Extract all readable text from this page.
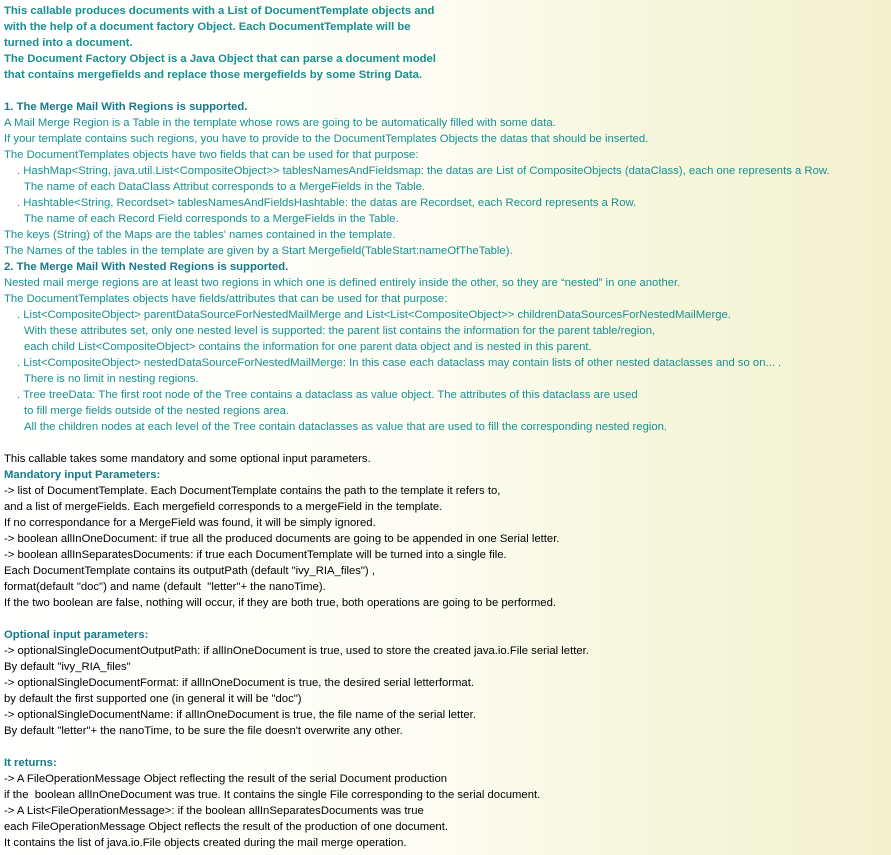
This callable produces documents with a List of DocumentTemplate objects and
with the help of a document factory Object. Each DocumentTemplate will be
turned into a document.
The Document Factory Object is a Java Object that can parse a document model
that contains mergefields and replace those mergefields by some String Data.
1. The Merge Mail With Regions is supported.
A Mail Merge Region is a Table in the template whose rows are going to be automatically filled with some data.
If your template contains such regions, you have to provide to the DocumentTemplates Objects the datas that should be inserted.
The DocumentTemplates objects have two fields that can be used for that purpose:
. HashMap<String, java.util.List<CompositeObject>> tablesNamesAndFieldsmap: the datas are List of CompositeObjects (dataClass), each one represents a Row.
The name of each DataClass Attribut corresponds to a MergeFields in the Table.
. Hashtable<String, Recordset> tablesNamesAndFieldsHashtable: the datas are Recordset, each Record represents a Row.
The name of each Record Field corresponds to a MergeFields in the Table.
The keys (String) of the Maps are the tables' names contained in the template.
The Names of the tables in the template are given by a Start Mergefield(TableStart:nameOfTheTable).
2. The Merge Mail With Nested Regions is supported.
Nested mail merge regions are at least two regions in which one is defined entirely inside the other, so they are “nested” in one another.
The DocumentTemplates objects have fields/attributes that can be used for that purpose:
. List<CompositeObject> parentDataSourceForNestedMailMerge and List<List<CompositeObject>> childrenDataSourcesForNestedMailMerge.
With these attributes set, only one nested level is supported: the parent list contains the information for the parent table/region,
each child List<CompositeObject> contains the information for one parent data object and is nested in this parent.
. List<CompositeObject> nestedDataSourceForNestedMailMerge: In this case each dataclass may contain lists of other nested dataclasses and so on... .
There is no limit in nesting regions.
. Tree treeData: The first root node of the Tree contains a dataclass as value object. The attributes of this dataclass are used
to fill merge fields outside of the nested regions area.
All the children nodes at each level of the Tree contain dataclasses as value that are used to fill the corresponding nested region.
This callable takes some mandatory and some optional input parameters.
Mandatory input Parameters:
-> list of DocumentTemplate. Each DocumentTemplate contains the path to the template it refers to,
and a list of mergeFields. Each mergefield corresponds to a mergeField in the template.
If no correspondance for a MergeField was found, it will be simply ignored.
-> boolean allInOneDocument: if true all the produced documents are going to be appended in one Serial letter.
-> boolean allInSeparatesDocuments: if true each DocumentTemplate will be turned into a single file.
Each DocumentTemplate contains its outputPath (default "ivy_RIA_files") ,
format(default "doc") and name (default  "letter"+ the nanoTime).
If the two boolean are false, nothing will occur, if they are both true, both operations are going to be performed.
Optional input parameters:
-> optionalSingleDocumentOutputPath: if allInOneDocument is true, used to store the created java.io.File serial letter.
By default "ivy_RIA_files"
-> optionalSingleDocumentFormat: if allInOneDocument is true, the desired serial letterformat.
by default the first supported one (in general it will be "doc")
-> optionalSingleDocumentName: if allInOneDocument is true, the file name of the serial letter.
By default "letter"+ the nanoTime, to be sure the file doesn't overwrite any other.
It returns:
-> A FileOperationMessage Object reflecting the result of the serial Document production
if the  boolean allInOneDocument was true. It contains the single File corresponding to the serial document.
-> A List<FileOperationMessage>: if the boolean allInSeparatesDocuments was true
each FileOperationMessage Object reflects the result of the production of one document.
It contains the list of java.io.File objects created during the mail merge operation.
